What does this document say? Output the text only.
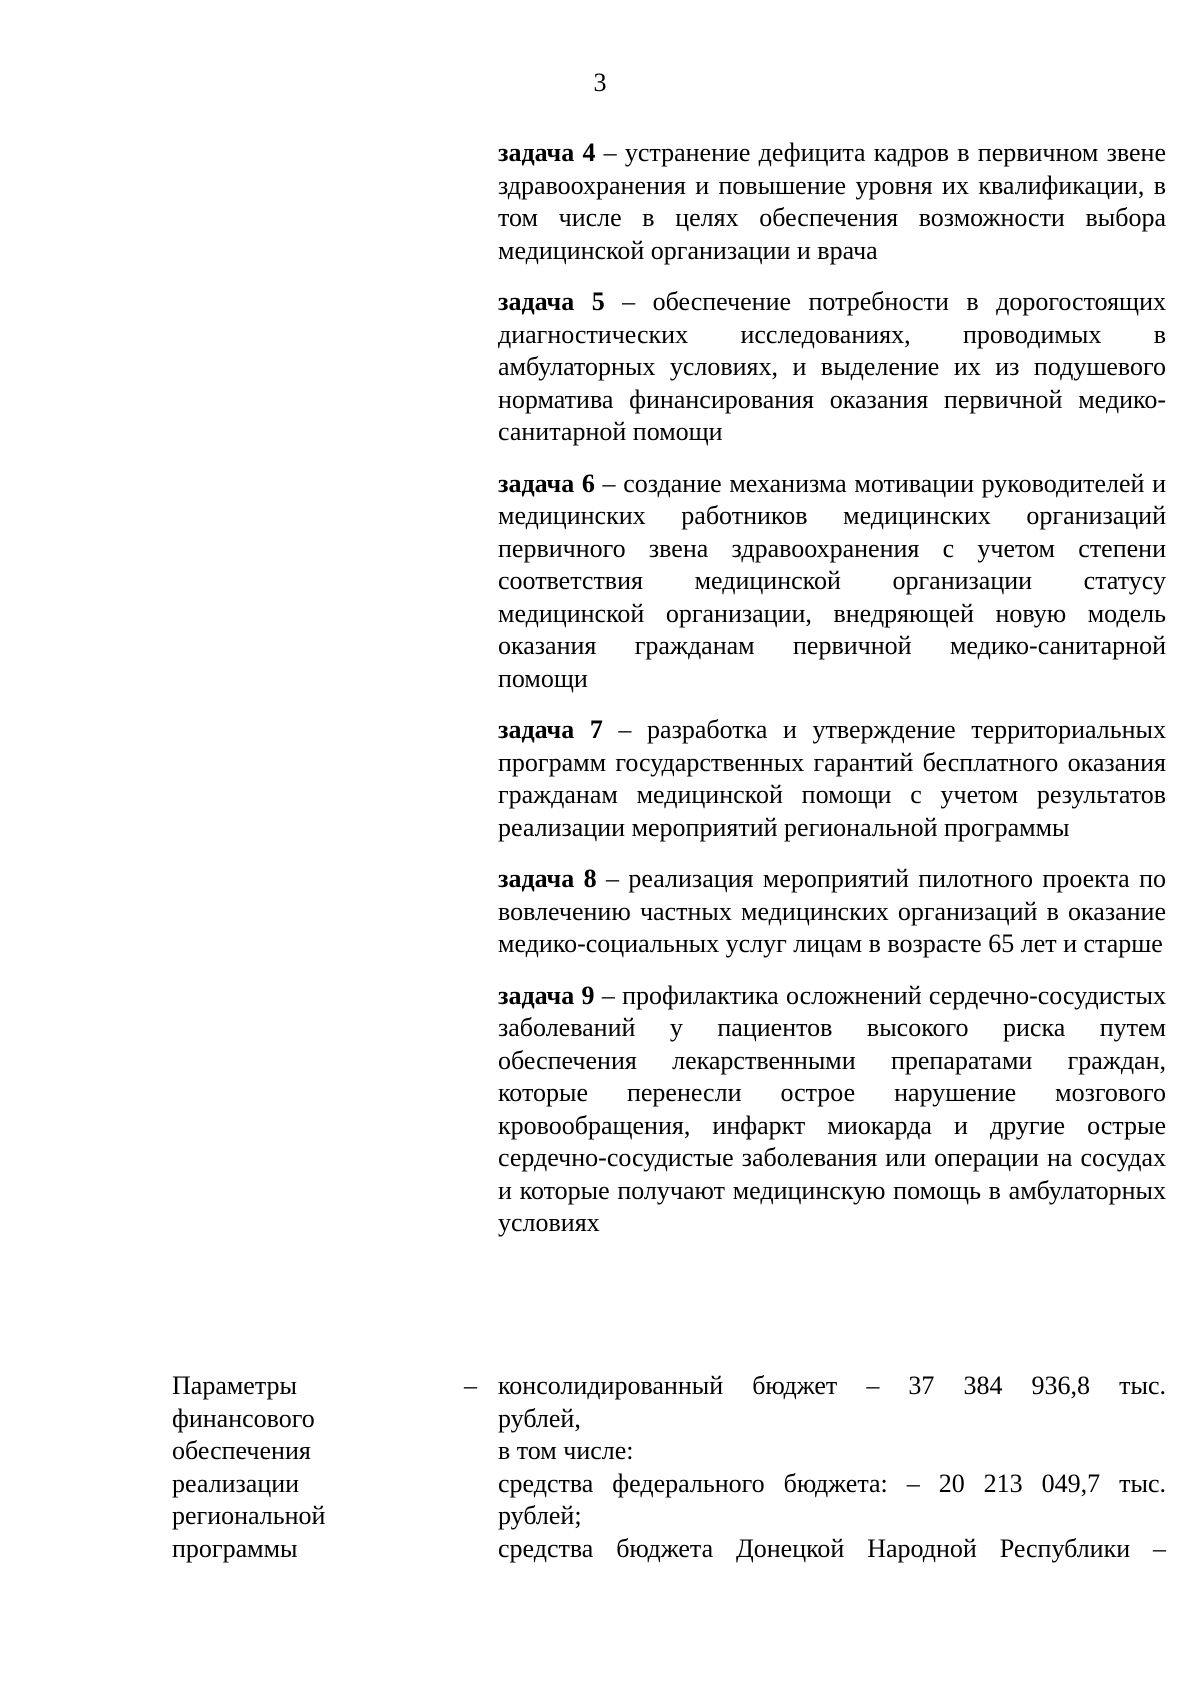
3

задача 4 – устранение дефицита кадров в первичном звене здравоохранения и повышение уровня их квалификации, в том числе в целях обеспечения возможности выбора медицинской организации и врача

задача 5 – обеспечение потребности в дорогостоящих диагностических исследованиях, проводимых в амбулаторных условиях, и выделение их из подушевого норматива финансирования оказания первичной медико-санитарной помощи

задача 6 – создание механизма мотивации руководителей и медицинских работников медицинских организаций первичного звена здравоохранения с учетом степени соответствия медицинской организации статусу медицинской организации, внедряющей новую модель оказания гражданам первичной медико-санитарной помощи

задача 7 – разработка и утверждение территориальных программ государственных гарантий бесплатного оказания гражданам медицинской помощи с учетом результатов реализации мероприятий региональной программы

задача 8 – реализация мероприятий пилотного проекта по вовлечению частных медицинских организаций в оказание медико-социальных услуг лицам в возрасте 65 лет и старше

задача 9 – профилактика осложнений сердечно-сосудистых заболеваний у пациентов высокого риска путем обеспечения лекарственными препаратами граждан, которые перенесли острое нарушение мозгового кровообращения, инфаркт миокарда и другие острые сердечно-сосудистые заболевания или операции на сосудах и которые получают медицинскую помощь в амбулаторных условиях

Параметры
финансового
обеспечения
реализации
региональной
программы
– консолидированный бюджет – 37 384 936,8 тыс.
рублей,
в том числе:
средства федерального бюджета: – 20 213 049,7 тыс.
рублей;
средства бюджета Донецкой Народной Республики –
